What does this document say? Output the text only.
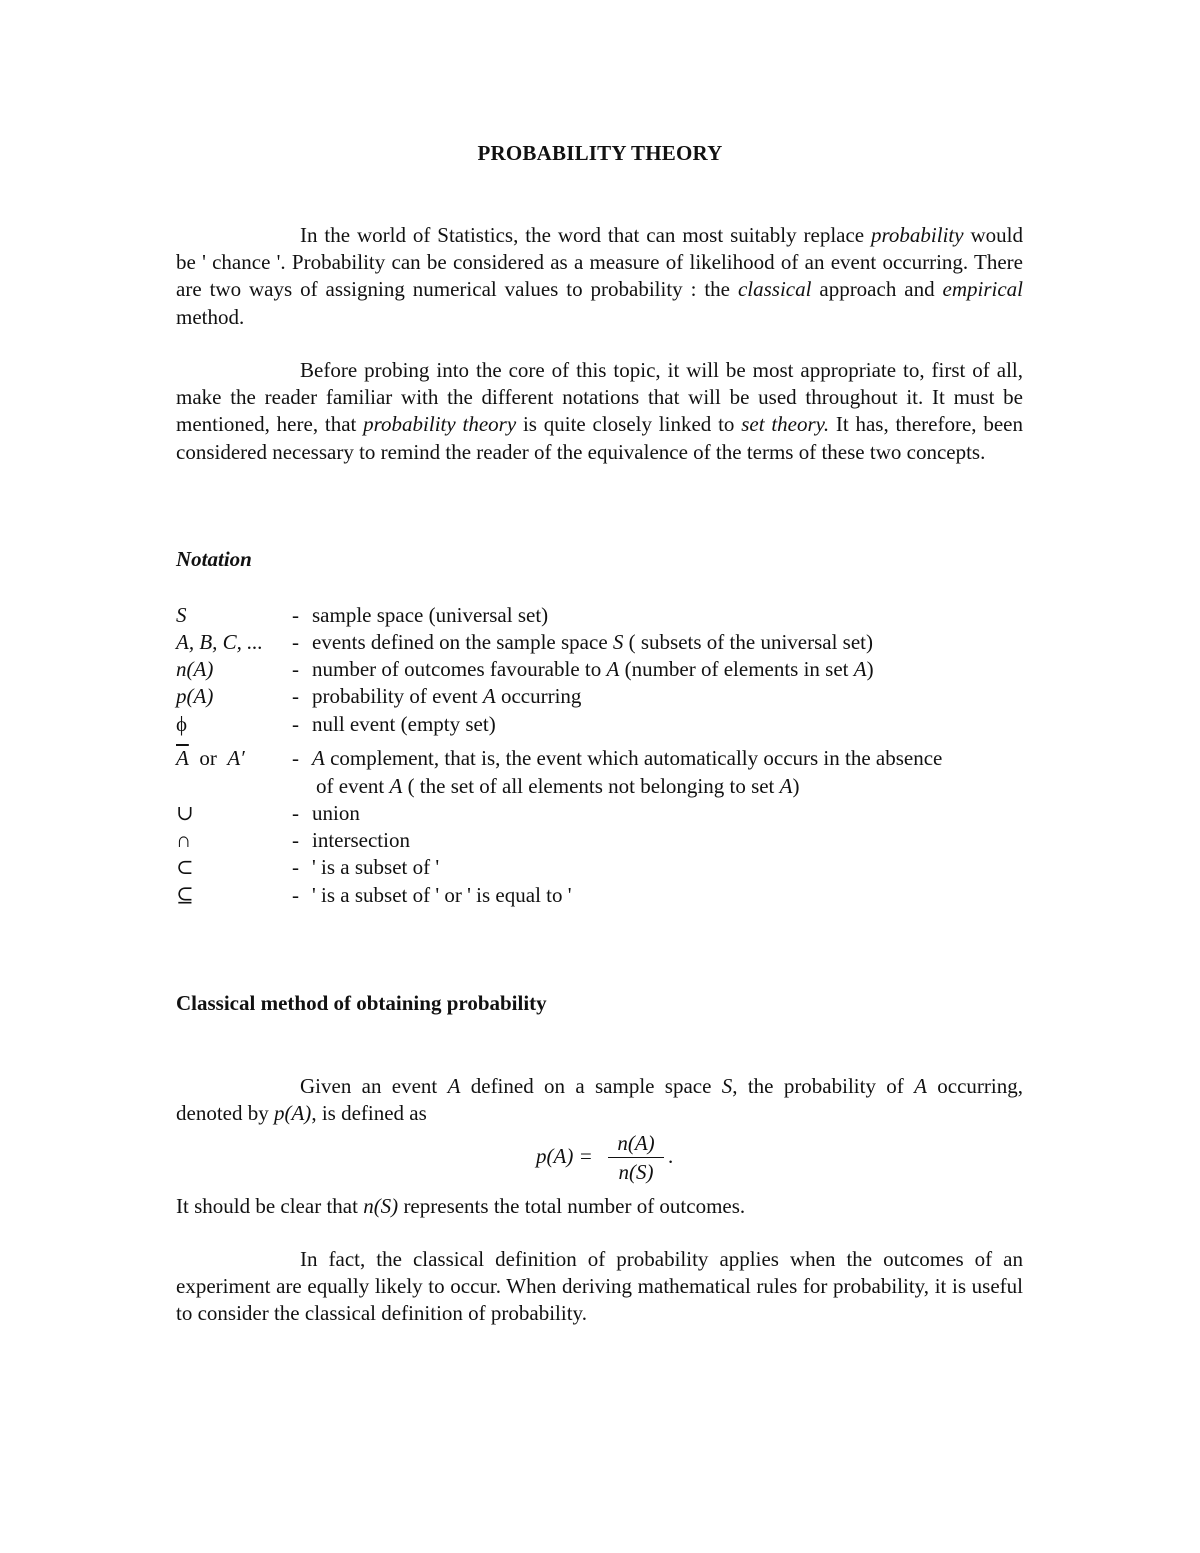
PROBABILITY THEORY

In the world of Statistics, the word that can most suitably replace probability would be ' chance '. Probability can be considered as a measure of likelihood of an event occurring. There are two ways of assigning numerical values to probability : the classical approach and empirical method.

Before probing into the core of this topic, it will be most appropriate to, first of all, make the reader familiar with the different notations that will be used throughout it. It must be mentioned, here, that probability theory is quite closely linked to set theory. It has, therefore, been considered necessary to remind the reader of the equivalence of the terms of these two concepts.

Notation
S	- sample space (universal set)
A, B, C, ... - events defined on the sample space S ( subsets of the universal set)
n(A)	- number of outcomes favourable to A (number of elements in set A)
p(A)	- probability of event A occurring
ϕ	- null event (empty set)
$\overline{A}$ or A′ - A complement, that is, the event which automatically occurs in the absence
of event A ( the set of all elements not belonging to set A)
∪	- union
∩	- intersection
⊂	- ' is a subset of '
⊆	- ' is a subset of ' or ' is equal to '
Classical method of obtaining probability

Given an event A defined on a sample space S, the probability of A occurring, denoted by p(A), is defined as

p(A) =
n(A)
n(S)
.

It should be clear that n(S) represents the total number of outcomes.

In fact, the classical definition of probability applies when the outcomes of an experiment are equally likely to occur. When deriving mathematical rules for probability, it is useful to consider the classical definition of probability.
